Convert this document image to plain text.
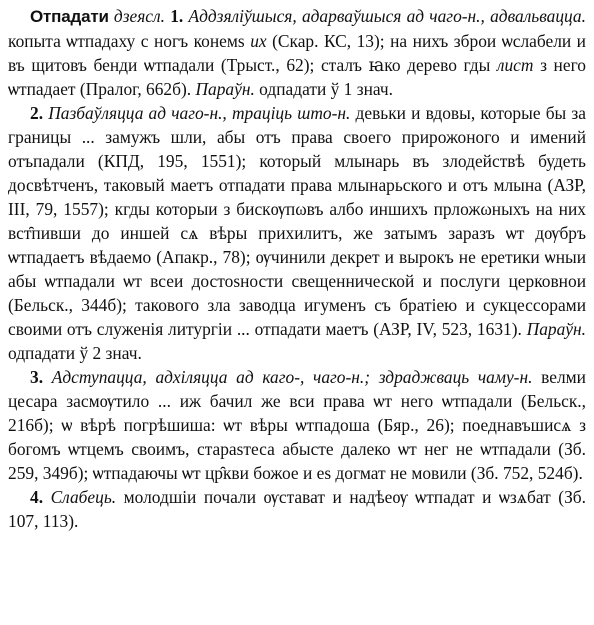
Отпадати дзеясл. 1. Аддзяліўшыся, адарваўшыся ад чаго-н., адвальвацца. копыта ѡтпадаху с ногъ конемѕ их (Скар. КС, 13); на нихъ зброи ѡслабели и въ щитовъ бенди ѡтпадали (Трыст., 62); сталъ ꙗко дерево гды лист з него ѡтпадает (Пралог, 662б). Параўн. одпадати ў 1 знач.

2. Пазбаўляцца ад чаго-н., траціць што-н. девьки и вдовы, которые бы за границы ... замужъ шли, абы отъ права своего прирожоного и имений отъпадали (КПД, 195, 1551); который млынарь въ злодействѣ будеть досвѣтченъ, таковый маетъ отпадати права млынарьского и отъ млына (АЗР, III, 79, 1557); кгды которыи з бискѹпωвъ албо иншихъ прложωныхъ на них вст̑пивши до иншей сѧ вѣры прихилитъ, же затымъ заразъ ѡт дѹбръ ѡтпадаетъ вѣдаемо (Апакр., 78); ѹчинили декрет и вырокъ не еретики ѡныи абы ѡтпадали ѡт всеи достоѕности свещеннической и послуги церковнои (Бельск., 344б); такового зла заводца игуменъ съ братіею и сукцессорами своими отъ служенія литургіи ... отпадати маетъ (АЗР, IV, 523, 1631). Параўн. одпадати ў 2 знач.

3. Адступацца, адхіляцца ад каго-, чаго-н.; здраджваць чаму-н. велми цесара засмѹтило ... иж бачил же вси права ѡт него ѡтпадали (Бельск., 216б); ѡ вѣрѣ погрѣшиша: ѡт вѣры ѡтпадоша (Бяр., 26); поеднавъшисѧ з богомъ ѡтцемъ своимъ, стараѕтеса абысте далеко ѡт нег не ѡтпадали (Зб. 259, 349б); ѡтпадаючы ѡт цр̑кви божое и еѕ догмат не мовили (Зб. 752, 524б).

4. Слабець. молодшіи почали ѹстават и надѣеѹ ѡтпадат и ѡзѧбат (Зб. 107, 113).
